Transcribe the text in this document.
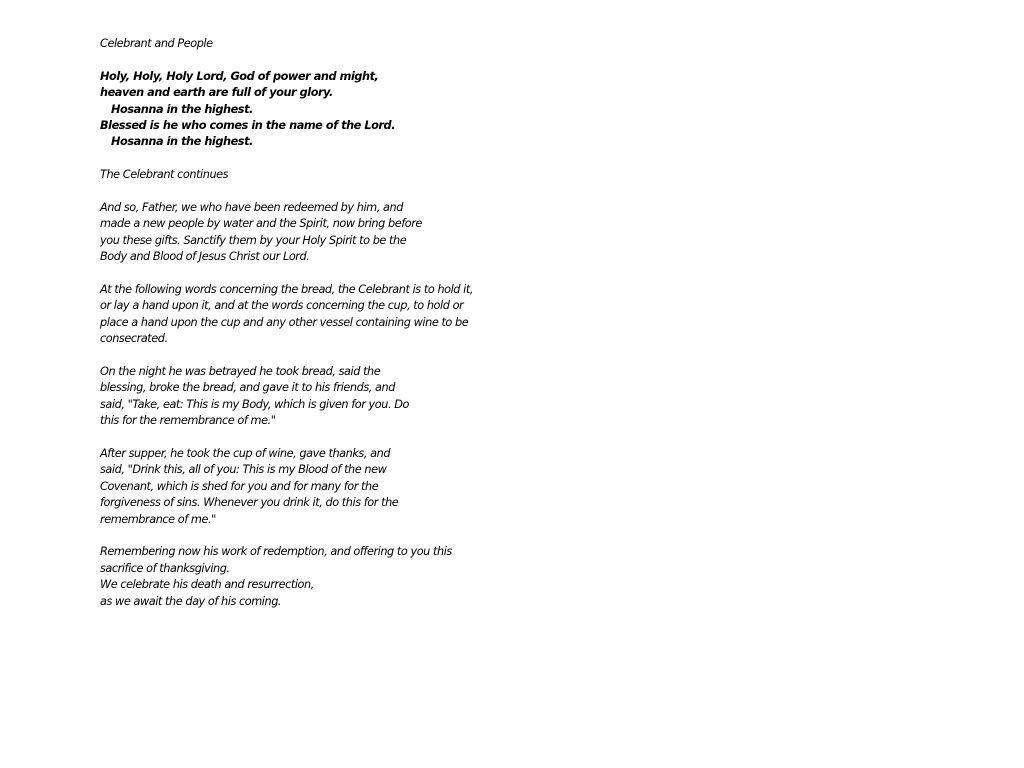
Celebrant and People
Holy, Holy, Holy Lord, God of power and might,
heaven and earth are full of your glory.
Hosanna in the highest.
Blessed is he who comes in the name of the Lord.
Hosanna in the highest.
The Celebrant continues
And so, Father, we who have been redeemed by him, and
made a new people by water and the Spirit, now bring before
you these gifts. Sanctify them by your Holy Spirit to be the
Body and Blood of Jesus Christ our Lord.
At the following words concerning the bread, the Celebrant is to hold it,
or lay a hand upon it, and at the words concerning the cup, to hold or
place a hand upon the cup and any other vessel containing wine to be
consecrated.
On the night he was betrayed he took bread, said the
blessing, broke the bread, and gave it to his friends, and
said, "Take, eat: This is my Body, which is given for you. Do
this for the remembrance of me."
After supper, he took the cup of wine, gave thanks, and
said, "Drink this, all of you: This is my Blood of the new
Covenant, which is shed for you and for many for the
forgiveness of sins. Whenever you drink it, do this for the
remembrance of me."
Remembering now his work of redemption, and offering to you this
sacrifice of thanksgiving.
We celebrate his death and resurrection,
as we await the day of his coming.
